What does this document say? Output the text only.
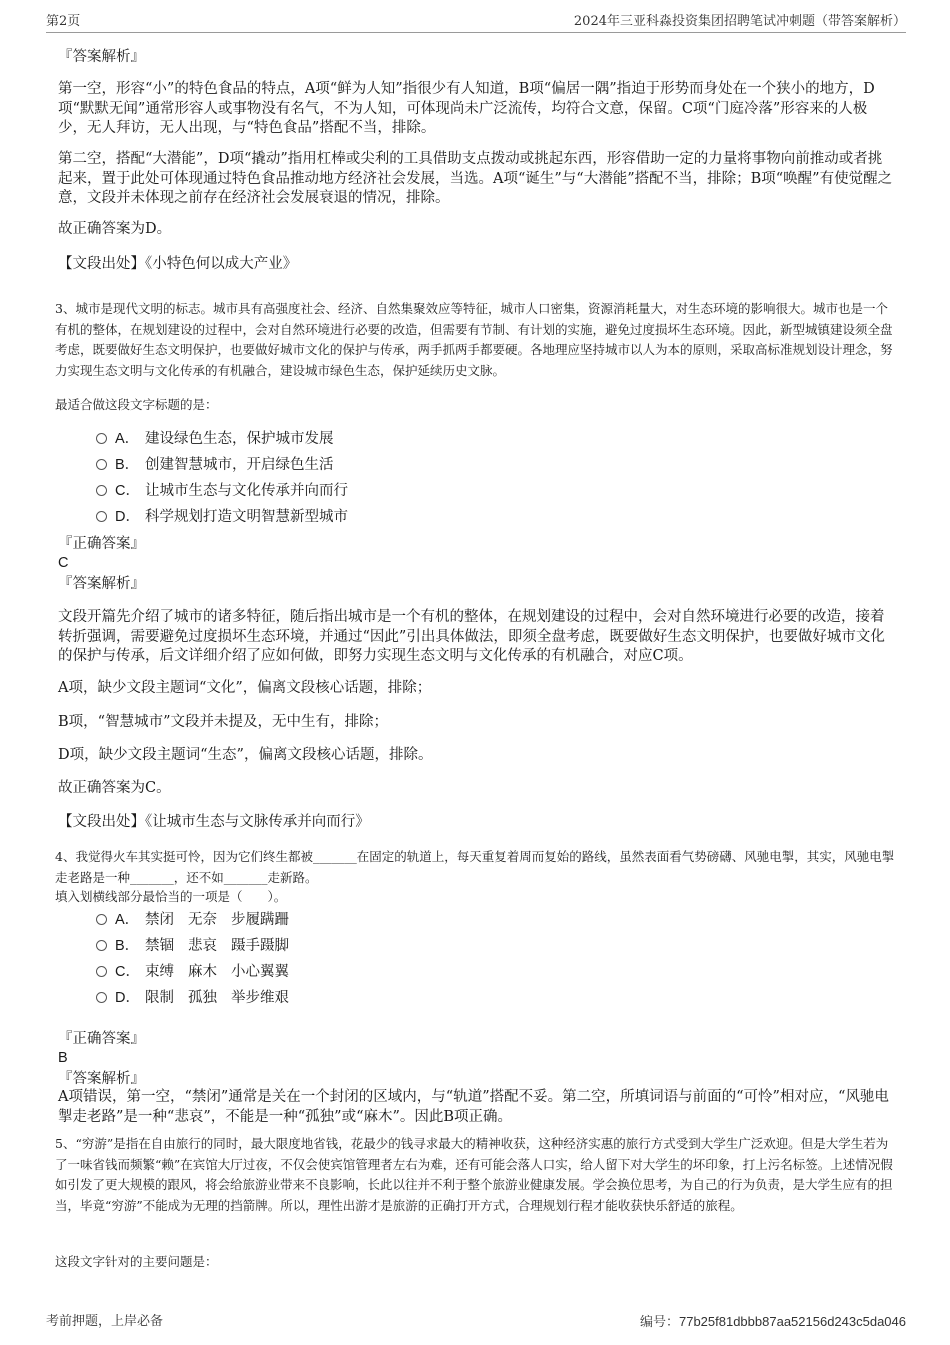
第2页	2024年三亚科淼投资集团招聘笔试冲刺题（带答案解析）

『答案解析』

第一空，形容“小”的特色食品的特点，A项“鲜为人知”指很少有人知道，B项“偏居一隅”指迫于形势而身处在一个狭小的地方，D项“默默无闻”通常形容人或事物没有名气，不为人知，可体现尚未广泛流传，均符合文意，保留。C项“门庭冷落”形容来的人极少，无人拜访，无人出现，与“特色食品”搭配不当，排除。

第二空，搭配“大潜能”，D项“撬动”指用杠棒或尖利的工具借助支点拨动或挑起东西，形容借助一定的力量将事物向前推动或者挑起来，置于此处可体现通过特色食品推动地方经济社会发展，当选。A项“诞生”与“大潜能”搭配不当，排除；B项“唤醒”有使觉醒之意，文段并未体现之前存在经济社会发展衰退的情况，排除。

故正确答案为D。

【文段出处】《小特色何以成大产业》

3、城市是现代文明的标志。城市具有高强度社会、经济、自然集聚效应等特征，城市人口密集，资源消耗量大，对生态环境的影响很大。城市也是一个有机的整体，在规划建设的过程中，会对自然环境进行必要的改造，但需要有节制、有计划的实施，避免过度损坏生态环境。因此，新型城镇建设须全盘考虑，既要做好生态文明保护，也要做好城市文化的保护与传承，两手抓两手都要硬。各地理应坚持城市以人为本的原则，采取高标准规划设计理念，努力实现生态文明与文化传承的有机融合，建设城市绿色生态，保护延续历史文脉。

最适合做这段文字标题的是：

A． 建设绿色生态，保护城市发展
B． 创建智慧城市，开启绿色生活
C． 让城市生态与文化传承并向而行
D． 科学规划打造文明智慧新型城市

『正确答案』

C

『答案解析』

文段开篇先介绍了城市的诸多特征，随后指出城市是一个有机的整体，在规划建设的过程中，会对自然环境进行必要的改造，接着转折强调，需要避免过度损坏生态环境，并通过“因此”引出具体做法，即须全盘考虑，既要做好生态文明保护，也要做好城市文化的保护与传承，后文详细介绍了应如何做，即努力实现生态文明与文化传承的有机融合，对应C项。

A项，缺少文段主题词“文化”，偏离文段核心话题，排除；

B项，“智慧城市”文段并未提及，无中生有，排除；

D项，缺少文段主题词“生态”，偏离文段核心话题，排除。

故正确答案为C。

【文段出处】《让城市生态与文脉传承并向而行》

4、我觉得火车其实挺可怜，因为它们终生都被_______在固定的轨道上，每天重复着周而复始的路线，虽然表面看气势磅礴、风驰电掣，其实，风驰电掣走老路是一种_______，还不如_______走新路。

填入划横线部分最恰当的一项是（　　）。

A． 禁闭 无奈 步履蹒跚
B． 禁锢 悲哀 蹑手蹑脚
C． 束缚 麻木 小心翼翼
D． 限制 孤独 举步维艰

『正确答案』

B

『答案解析』

A项错误，第一空，“禁闭”通常是关在一个封闭的区域内，与“轨道”搭配不妥。第二空，所填词语与前面的“可怜”相对应，“风驰电掣走老路”是一种“悲哀”，不能是一种“孤独”或“麻木”。因此B项正确。

5、“穷游”是指在自由旅行的同时，最大限度地省钱，花最少的钱寻求最大的精神收获，这种经济实惠的旅行方式受到大学生广泛欢迎。但是大学生若为了一味省钱而频繁“赖”在宾馆大厅过夜，不仅会使宾馆管理者左右为难，还有可能会落人口实，给人留下对大学生的坏印象，打上污名标签。上述情况假如引发了更大规模的跟风，将会给旅游业带来不良影响，长此以往并不利于整个旅游业健康发展。学会换位思考，为自己的行为负责，是大学生应有的担当，毕竟“穷游”不能成为无理的挡箭牌。所以，理性出游才是旅游的正确打开方式，合理规划行程才能收获快乐舒适的旅程。

这段文字针对的主要问题是：

考前押题，上岸必备	编号：77b25f81dbbb87aa52156d243c5da046
